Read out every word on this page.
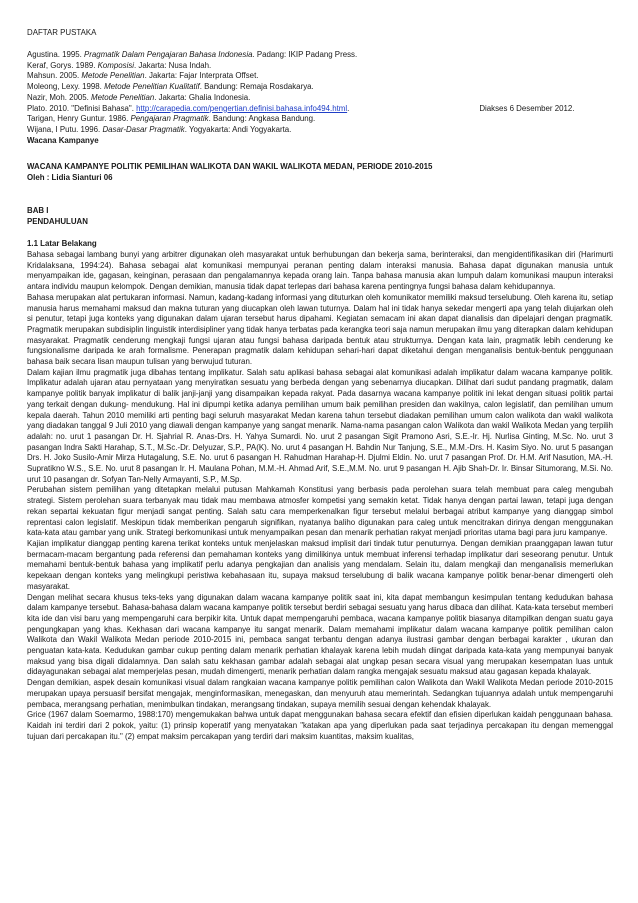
DAFTAR PUSTAKA

Agustina. 1995. Pragmatik Dalam Pengajaran Bahasa Indonesia. Padang: IKIP Padang Press.

Keraf, Gorys. 1989. Komposisi. Jakarta: Nusa Indah.

Mahsun. 2005. Metode Penelitian. Jakarta: Fajar Interprata Offset.

Moleong, Lexy. 1998. Metode Penelitian Kualitatif. Bandung: Remaja Rosdakarya.

Nazir, Moh. 2005. Metode Penelitian. Jakarta: Ghalia Indonesia.

Plato. 2010. "Definisi Bahasa". http://carapedia.com/pengertian.definisi.bahasa.info494.html.	Diakses 6 Desember 2012.

Tarigan, Henry Guntur. 1986. Pengajaran Pragmatik. Bandung: Angkasa Bandung.

Wijana, I Putu. 1996. Dasar-Dasar Pragmatik. Yogyakarta: Andi Yogyakarta.

Wacana Kampanye

WACANA KAMPANYE POLITIK PEMILIHAN WALIKOTA DAN WAKIL WALIKOTA MEDAN, PERIODE 2010-2015

Oleh : Lidia Sianturi 06

BAB I

PENDAHULUAN

1.1 Latar Belakang

Bahasa sebagai lambang bunyi yang arbitrer digunakan oleh masyarakat untuk berhubungan dan bekerja sama, berinteraksi, dan mengidentifikasikan diri (Harimurti Kridalaksana, 1994:24). Bahasa sebagai alat komunikasi mempunyai peranan penting dalam interaksi manusia. Bahasa dapat digunakan manusia untuk menyampaikan ide, gagasan, keinginan, perasaan dan pengalamannya kepada orang lain. Tanpa bahasa manusia akan lumpuh dalam komunikasi maupun interaksi antara individu maupun kelompok. Dengan demikian, manusia tidak dapat terlepas dari bahasa karena pentingnya fungsi bahasa dalam kehidupannya.

Bahasa merupakan alat pertukaran informasi. Namun, kadang-kadang informasi yang dituturkan oleh komunikator memiliki maksud terselubung. Oleh karena itu, setiap manusia harus memahami maksud dan makna tuturan yang diucapkan oleh lawan tuturnya. Dalam hal ini tidak hanya sekedar mengerti apa yang telah diujarkan oleh si penutur, tetapi juga konteks yang digunakan dalam ujaran tersebut harus dipahami. Kegiatan semacam ini akan dapat dianalisis dan dipelajari dengan pragmatik. Pragmatik merupakan subdisiplin linguistik interdisipliner yang tidak hanya terbatas pada kerangka teori saja namun merupakan ilmu yang diterapkan dalam kehidupan masyarakat. Pragmatik cenderung mengkaji fungsi ujaran atau fungsi bahasa daripada bentuk atau strukturnya. Dengan kata lain, pragmatik lebih cenderung ke fungsionalisme daripada ke arah formalisme. Penerapan pragmatik dalam kehidupan sehari-hari dapat diketahui dengan menganalisis bentuk-bentuk penggunaan bahasa baik secara lisan maupun tulisan yang berwujud tuturan.

Dalam kajian ilmu pragmatik juga dibahas tentang implikatur. Salah satu aplikasi bahasa sebagai alat komunikasi adalah implikatur dalam wacana kampanye politik. Implikatur adalah ujaran atau pernyataan yang menyiratkan sesuatu yang berbeda dengan yang sebenarnya diucapkan. Dilihat dari sudut pandang pragmatik, dalam kampanye politik banyak implikatur di balik janji-janji yang disampaikan kepada rakyat. Pada dasarnya wacana kampanye politik ini lekat dengan situasi politik partai yang terkait dengan dukung- mendukung. Hal ini dipumpi ketika adanya pemilihan umum baik pemilihan presiden dan wakilnya, calon legislatif, dan pemilihan umum kepala daerah. Tahun 2010 memiliki arti penting bagi seluruh masyarakat Medan karena tahun tersebut diadakan pemilihan umum calon walikota dan wakil walikota yang diadakan tanggal 9 Juli 2010 yang diawali dengan kampanye yang sangat menarik. Nama-nama pasangan calon Walikota dan wakil Walikota Medan yang terpilih adalah: no. urut 1 pasangan Dr. H. Sjahrial R. Anas-Drs. H. Yahya Sumardi. No. urut 2 pasangan Sigit Pramono Asri, S.E.-Ir. Hj. Nurlisa Ginting, M.Sc. No. urut 3 pasangan Indra Sakti Harahap, S.T., M.Sc.-Dr. Delyuzar, S.P., PA(K). No. urut 4 pasangan H. Bahdin Nur Tanjung, S.E., M.M.-Drs. H. Kasim Siyo. No. urut 5 pasangan Drs. H. Joko Susilo-Amir Mirza Hutagalung, S.E. No. urut 6 pasangan H. Rahudman Harahap-H. Djulmi Eldin. No. urut 7 pasangan Prof. Dr. H.M. Arif Nasution, MA.-H. Supratikno W.S., S.E. No. urut 8 pasangan Ir. H. Maulana Pohan, M.M.-H. Ahmad Arif, S.E.,M.M. No. urut 9 pasangan H. Ajib Shah-Dr. Ir. Binsar Situmorang, M.Si. No. urut 10 pasangan dr. Sofyan Tan-Nelly Armayanti, S.P., M.Sp.

Perubahan sistem pemilihan yang ditetapkan melalui putusan Mahkamah Konstitusi yang berbasis pada perolehan suara telah membuat para caleg mengubah strategi. Sistem perolehan suara terbanyak mau tidak mau membawa atmosfer kompetisi yang semakin ketat. Tidak hanya dengan partai lawan, tetapi juga dengan rekan separtai kekuatan figur menjadi sangat penting. Salah satu cara memperkenalkan figur tersebut melalui berbagai atribut kampanye yang dianggap simbol reprentasi calon legislatif. Meskipun tidak memberikan pengaruh signifikan, nyatanya baliho digunakan para caleg untuk mencitrakan dirinya dengan menggunakan kata-kata atau gambar yang unik. Strategi berkomunikasi untuk menyampaikan pesan dan menarik perhatian rakyat menjadi prioritas utama bagi para juru kampanye.

Kajian implikatur dianggap penting karena terikat konteks untuk menjelaskan maksud implisit dari tindak tutur penuturnya. Dengan demikian praanggapan lawan tutur bermacam-macam bergantung pada referensi dan pemahaman konteks yang dimilikinya untuk membuat inferensi terhadap implikatur dari seseorang penutur. Untuk memahami bentuk-bentuk bahasa yang implikatif perlu adanya pengkajian dan analisis yang mendalam. Selain itu, dalam mengkaji dan menganalisis memerlukan kepekaan dengan konteks yang melingkupi peristiwa kebahasaan itu, supaya maksud terselubung di balik wacana kampanye politik benar-benar dimengerti oleh masyarakat.

Dengan melihat secara khusus teks-teks yang digunakan dalam wacana kampanye politik saat ini, kita dapat membangun kesimpulan tentang kedudukan bahasa dalam kampanye tersebut. Bahasa-bahasa dalam wacana kampanye politik tersebut berdiri sebagai sesuatu yang harus dibaca dan dilihat. Kata-kata tersebut memberi kita ide dan visi baru yang mempengaruhi cara berpikir kita. Untuk dapat mempengaruhi pembaca, wacana kampanye politik biasanya ditampilkan dengan suatu gaya pengungkapan yang khas. Kekhasan dari wacana kampanye itu sangat menarik. Dalam memahami implikatur dalam wacana kampanye politik pemilihan calon Walikota dan Wakil Walikota Medan periode 2010-2015 ini, pembaca sangat terbantu dengan adanya ilustrasi gambar dengan berbagai karakter , ukuran dan penguatan kata-kata. Kedudukan gambar cukup penting dalam menarik perhatian khalayak karena lebih mudah diingat daripada kata-kata yang mempunyai banyak maksud yang bisa digali didalamnya. Dan salah satu kekhasan gambar adalah sebagai alat ungkap pesan secara visual yang merupakan kesempatan luas untuk didayagunakan sebagai alat memperjelas pesan, mudah dimengerti, menarik perhatian dalam rangka mengajak sesuatu maksud atau gagasan kepada khalayak.

Dengan demikian, aspek desain komunikasi visual dalam rangkaian wacana kampanye politik pemilihan calon Walikota dan Wakil Walikota Medan periode 2010-2015 merupakan upaya persuasif bersifat mengajak, menginformasikan, menegaskan, dan menyuruh atau memerintah. Sedangkan tujuannya adalah untuk mempengaruhi pembaca, merangsang perhatian, menimbulkan tindakan, merangsang tindakan, supaya memilih sesuai dengan kehendak khalayak.

Grice (1967 dalam Soemarmo, 1988:170) mengemukakan bahwa untuk dapat menggunakan bahasa secara efektif dan efisien diperlukan kaidah penggunaan bahasa. Kaidah ini terdiri dari 2 pokok, yaitu: (1) prinsip koperatif yang menyatakan "katakan apa yang diperlukan pada saat terjadinya percakapan itu dengan memenggal tujuan dari percakapan itu." (2) empat maksim percakapan yang terdiri dari maksim kuantitas, maksim kualitas,
